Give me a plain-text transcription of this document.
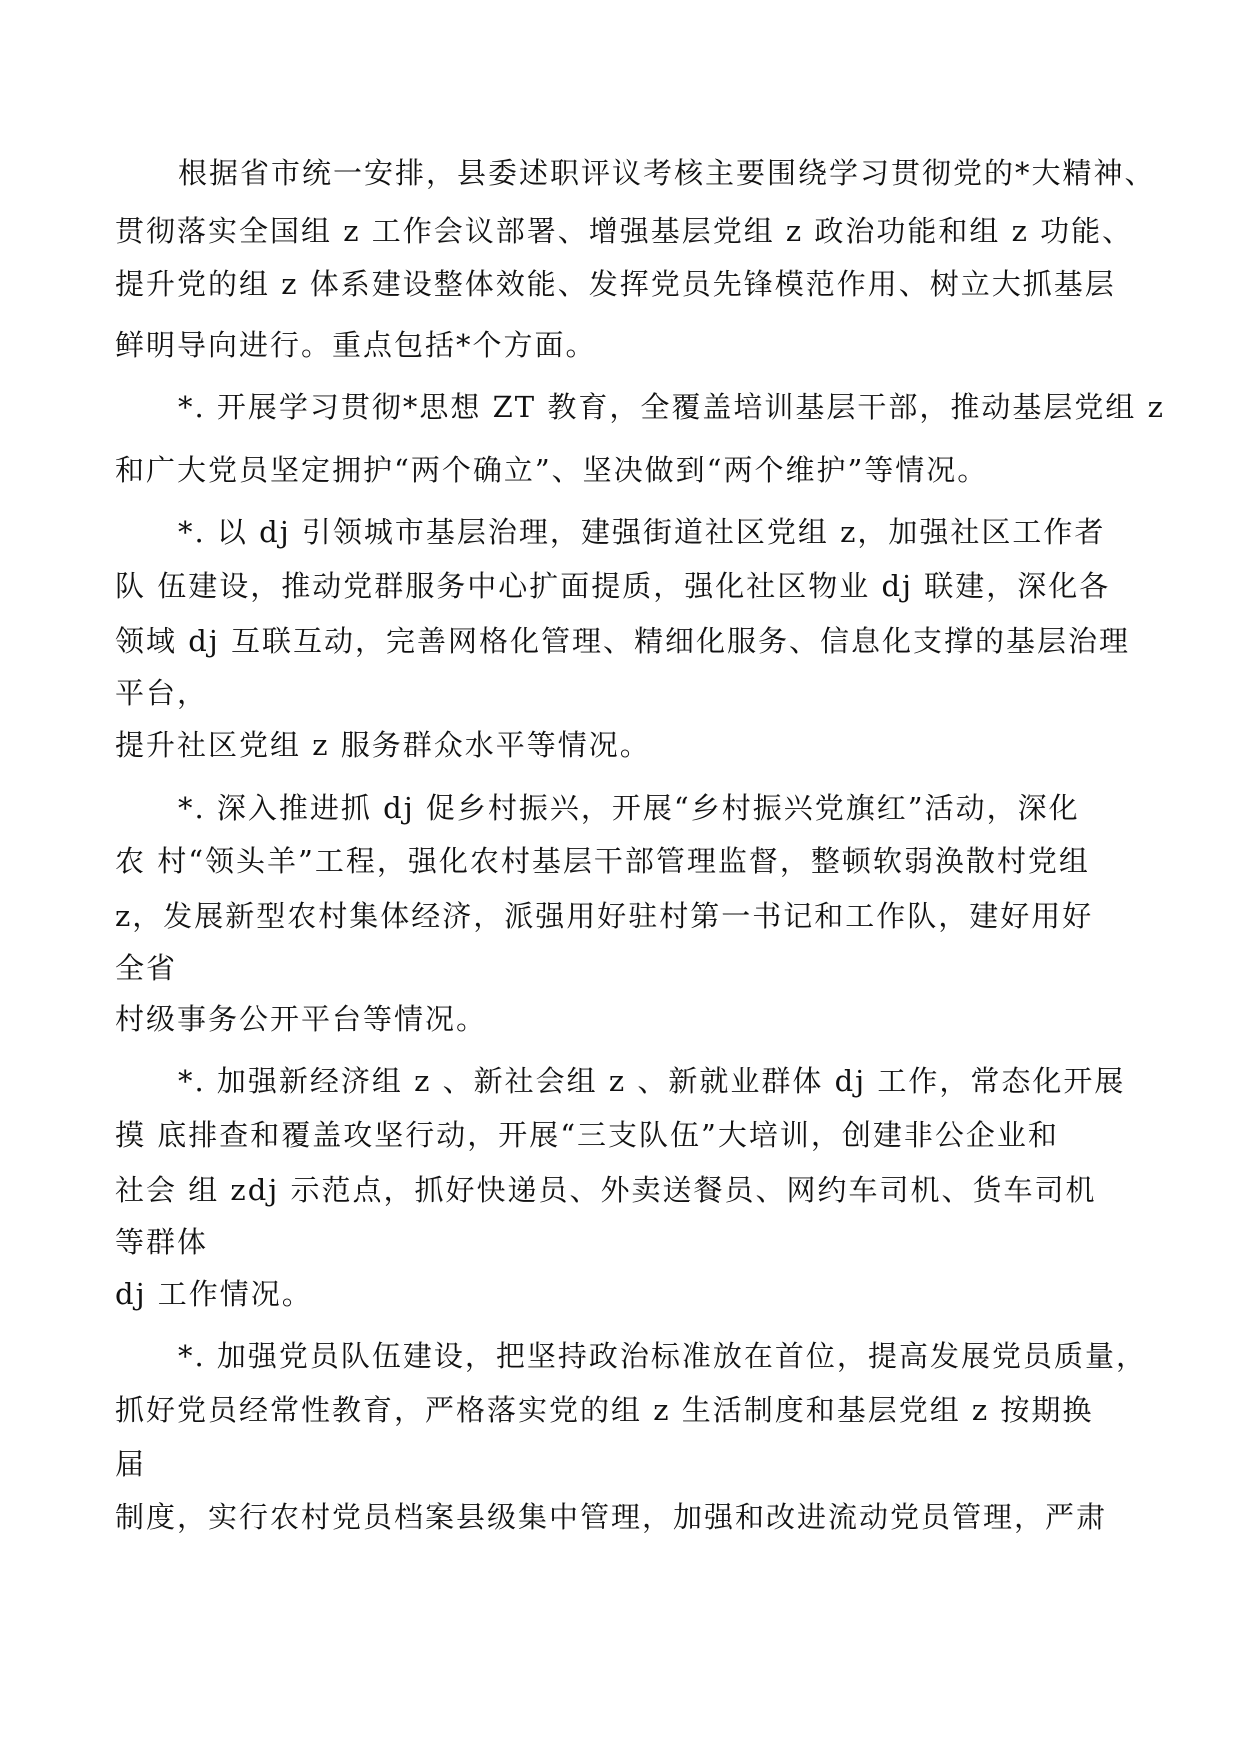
根据省市统一安排，县委述职评议考核主要围绕学习贯彻党的*大精神、
贯彻落实全国组 z 工作会议部署、增强基层党组 z 政治功能和组 z 功能、
提升党的组 z 体系建设整体效能、发挥党员先锋模范作用、树立大抓基层
鲜明导向进行。重点包括*个方面。
*. 开展学习贯彻*思想 ZT 教育，全覆盖培训基层干部，推动基层党组 z
和广大党员坚定拥护“两个确立”、坚决做到“两个维护”等情况。
*. 以 dj 引领城市基层治理，建强街道社区党组 z，加强社区工作者
队 伍建设，推动党群服务中心扩面提质，强化社区物业 dj 联建，深化各
领域 dj 互联互动，完善网格化管理、精细化服务、信息化支撑的基层治理
平台，
提升社区党组 z 服务群众水平等情况。
*. 深入推进抓 dj 促乡村振兴，开展“乡村振兴党旗红”活动，深化
农 村“领头羊”工程，强化农村基层干部管理监督，整顿软弱涣散村党组
z，发展新型农村集体经济，派强用好驻村第一书记和工作队，建好用好
全省
村级事务公开平台等情况。
*. 加强新经济组 z 、新社会组 z 、新就业群体 dj 工作，常态化开展
摸 底排查和覆盖攻坚行动，开展“三支队伍”大培训，创建非公企业和
社会 组 zdj 示范点，抓好快递员、外卖送餐员、网约车司机、货车司机
等群体
dj 工作情况。
*. 加强党员队伍建设，把坚持政治标准放在首位，提高发展党员质量，
抓好党员经常性教育，严格落实党的组 z 生活制度和基层党组 z 按期换
届
制度，实行农村党员档案县级集中管理，加强和改进流动党员管理，严肃
